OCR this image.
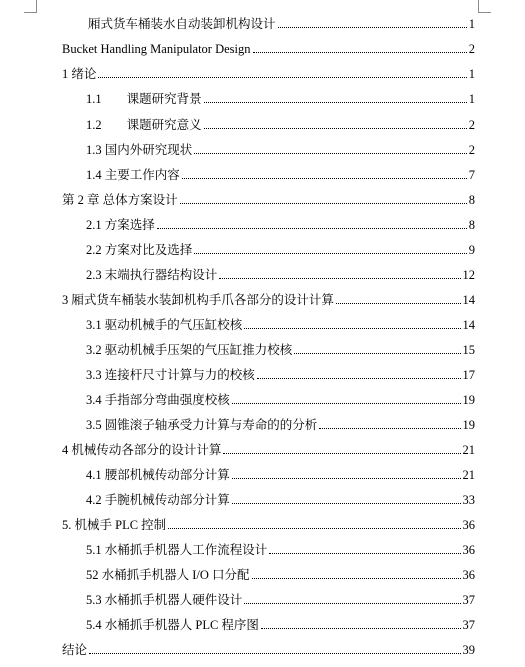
厢式货车桶装水自动装卸机构设计	1
Bucket Handling Manipulator Design	2
1 绪论	1
1.1　　课题研究背景	1
1.2　　课题研究意义	2
1.3 国内外研究现状	2
1.4 主要工作内容	7
第 2 章 总体方案设计	8
2.1 方案选择	8
2.2 方案对比及选择	9
2.3 末端执行器结构设计	12
3 厢式货车桶装水装卸机构手爪各部分的设计计算	14
3.1 驱动机械手的气压缸校核	14
3.2 驱动机械手压架的气压缸推力校核	15
3.3 连接杆尺寸计算与力的校核	17
3.4 手指部分弯曲强度校核	19
3.5 圆锥滚子轴承受力计算与寿命的的分析	19
4 机械传动各部分的设计计算	21
4.1 腰部机械传动部分计算	21
4.2 手腕机械传动部分计算	33
5. 机械手 PLC 控制	36
5.1 水桶抓手机器人工作流程设计	36
52 水桶抓手机器人 I/O 口分配	36
5.3 水桶抓手机器人硬件设计	37
5.4 水桶抓手机器人 PLC 程序图	37
结论	39
